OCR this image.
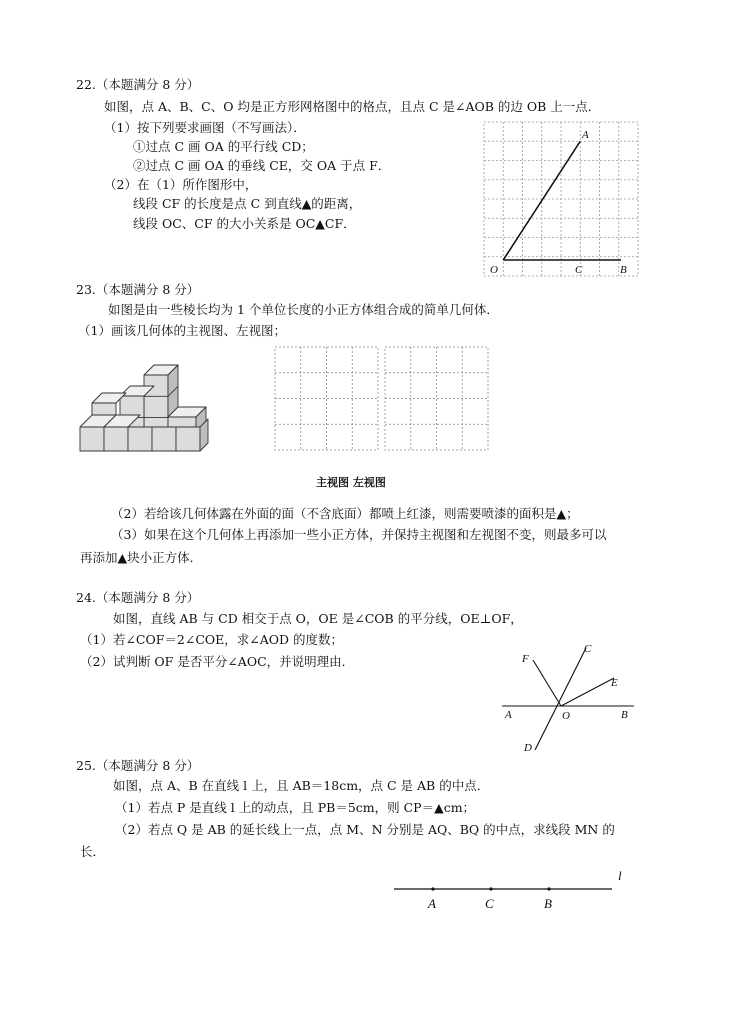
22.（本题满分 8 分）
如图，点 A、B、C、O 均是正方形网格图中的格点，且点 C 是∠AOB 的边 OB 上一点．
（1）按下列要求画图（不写画法）．
①过点 C 画 OA 的平行线 CD；
②过点 C 画 OA 的垂线 CE，交 OA 于点 F．
（2）在（1）所作图形中，
线段 CF 的长度是点 C 到直线▲的距离，
线段 OC、CF 的大小关系是 OC▲CF．
A
O	C	B
23.（本题满分 8 分）
如图是由一些棱长均为 1 个单位长度的小正方体组合成的简单几何体．
（1）画该几何体的主视图、左视图；
主视图 左视图
（2）若给该几何体露在外面的面（不含底面）都喷上红漆，则需要喷漆的面积是▲；
（3）如果在这个几何体上再添加一些小正方体，并保持主视图和左视图不变，则最多可以
再添加▲块小正方体．
24.（本题满分 8 分）
如图，直线 AB 与 CD 相交于点 O，OE 是∠COB 的平分线，OE⊥OF，
（1）若∠COF＝2∠COE，求∠AOD 的度数；
（2）试判断 OF 是否平分∠AOC，并说明理由．	F
C
E
A	O	B
D
25.（本题满分 8 分）
如图，点 A、B 在直线 l 上，且 AB＝18cm，点 C 是 AB 的中点．
（1）若点 P 是直线 l 上的动点，且 PB＝5cm，则 CP＝▲cm；
（2）若点 Q 是 AB 的延长线上一点，点 M、N 分别是 AQ、BQ 的中点，求线段 MN 的
长．
l
A	C	B
